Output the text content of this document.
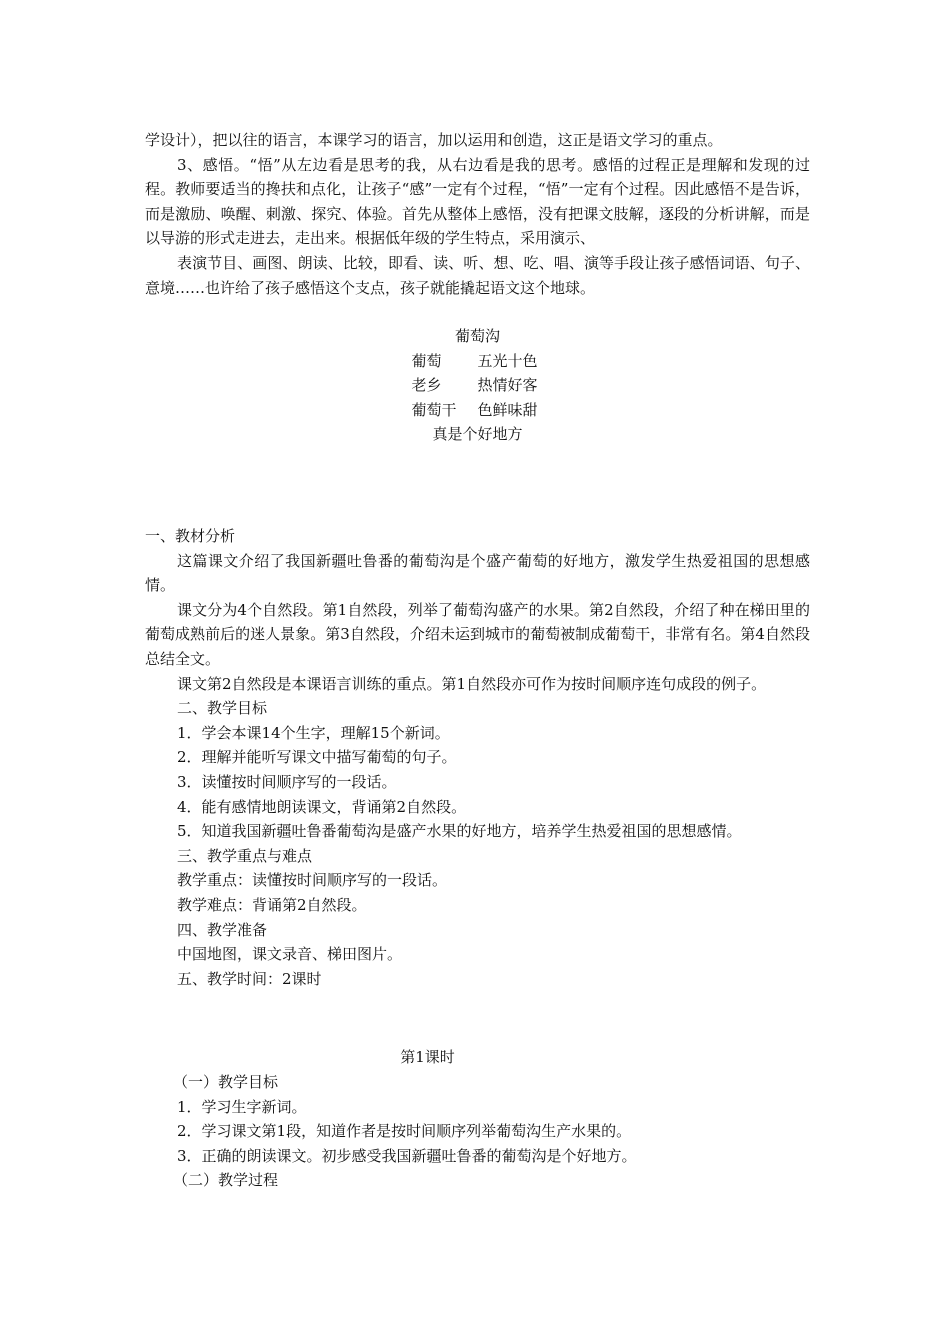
学设计），把以往的语言，本课学习的语言，加以运用和创造，这正是语文学习的重点。

3、感悟。“悟”从左边看是思考的我，从右边看是我的思考。感悟的过程正是理解和发现的过程。教师要适当的搀扶和点化，让孩子“感”一定有个过程，“悟”一定有个过程。因此感悟不是告诉，而是激励、唤醒、刺激、探究、体验。首先从整体上感悟，没有把课文肢解，逐段的分析讲解，而是以导游的形式走进去，走出来。根据低年级的学生特点，采用演示、

表演节目、画图、朗读、比较，即看、读、听、想、吃、唱、演等手段让孩子感悟词语、句子、意境……也许给了孩子感悟这个支点，孩子就能撬起语文这个地球。

葡萄沟

葡萄	五光十色
老乡	热情好客
葡萄干	色鲜味甜

真是个好地方

一、教材分析

这篇课文介绍了我国新疆吐鲁番的葡萄沟是个盛产葡萄的好地方，激发学生热爱祖国的思想感情。

课文分为4个自然段。第1自然段，列举了葡萄沟盛产的水果。第2自然段，介绍了种在梯田里的葡萄成熟前后的迷人景象。第3自然段，介绍未运到城市的葡萄被制成葡萄干，非常有名。第4自然段总结全文。

课文第2自然段是本课语言训练的重点。第1自然段亦可作为按时间顺序连句成段的例子。

二、教学目标

1．学会本课14个生字，理解15个新词。

2．理解并能听写课文中描写葡萄的句子。

3．读懂按时间顺序写的一段话。

4．能有感情地朗读课文，背诵第2自然段。

5．知道我国新疆吐鲁番葡萄沟是盛产水果的好地方，培养学生热爱祖国的思想感情。

三、教学重点与难点

教学重点：读懂按时间顺序写的一段话。

教学难点：背诵第2自然段。

四、教学准备

中国地图，课文录音、梯田图片。

五、教学时间：2课时

第1课时

（一）教学目标

1．学习生字新词。

2．学习课文第1段，知道作者是按时间顺序列举葡萄沟生产水果的。

3．正确的朗读课文。初步感受我国新疆吐鲁番的葡萄沟是个好地方。

（二）教学过程
